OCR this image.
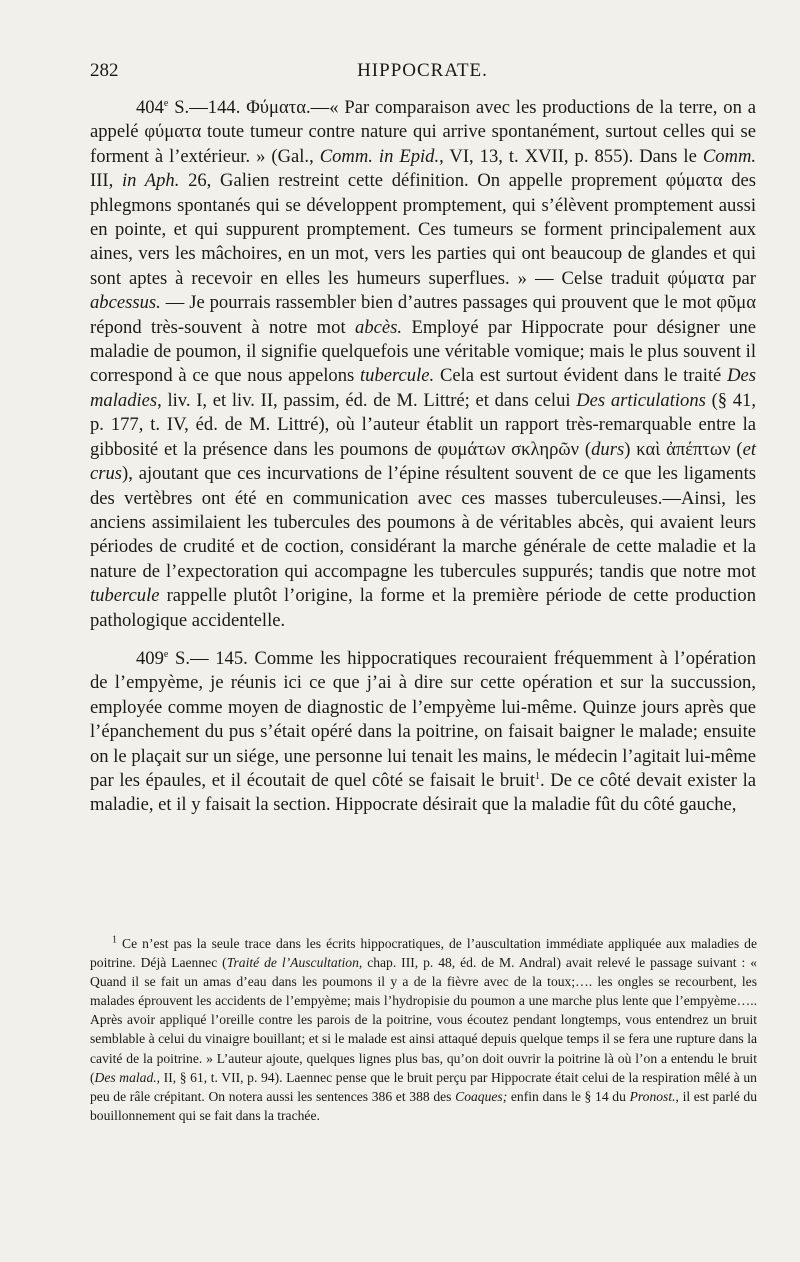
282	HIPPOCRATE.

404e S.—144. Φύματα.—« Par comparaison avec les productions de la terre, on a appelé φύματα toute tumeur contre nature qui arrive spontanément, surtout celles qui se forment à l’extérieur. » (Gal., Comm. in Epid., VI, 13, t. XVII, p. 855). Dans le Comm. III, in Aph. 26, Galien restreint cette définition. On appelle proprement φύματα des phlegmons spontanés qui se développent promptement, qui s’élèvent promptement aussi en pointe, et qui suppurent promptement. Ces tumeurs se forment principalement aux aines, vers les mâchoires, en un mot, vers les parties qui ont beaucoup de glandes et qui sont aptes à recevoir en elles les humeurs superflues. » — Celse traduit φύματα par abcessus. — Je pourrais rassembler bien d’autres passages qui prouvent que le mot φῦμα répond très-souvent à notre mot abcès. Employé par Hippocrate pour désigner une maladie de poumon, il signifie quelquefois une véritable vomique; mais le plus souvent il correspond à ce que nous appelons tubercule. Cela est surtout évident dans le traité Des maladies, liv. I, et liv. II, passim, éd. de M. Littré; et dans celui Des articulations (§ 41, p. 177, t. IV, éd. de M. Littré), où l’auteur établit un rapport très-remarquable entre la gibbosité et la présence dans les poumons de φυμάτων σκληρῶν (durs) καὶ ἀπέπτων (et crus), ajoutant que ces incurvations de l’épine résultent souvent de ce que les ligaments des vertèbres ont été en communication avec ces masses tuberculeuses.—Ainsi, les anciens assimilaient les tubercules des poumons à de véritables abcès, qui avaient leurs périodes de crudité et de coction, considérant la marche générale de cette maladie et la nature de l’expectoration qui accompagne les tubercules suppurés; tandis que notre mot tubercule rappelle plutôt l’origine, la forme et la première période de cette production pathologique accidentelle.

409e S.— 145. Comme les hippocratiques recouraient fréquemment à l’opération de l’empyème, je réunis ici ce que j’ai à dire sur cette opération et sur la succussion, employée comme moyen de diagnostic de l’empyème lui-même. Quinze jours après que l’épanchement du pus s’était opéré dans la poitrine, on faisait baigner le malade; ensuite on le plaçait sur un siége, une personne lui tenait les mains, le médecin l’agitait lui-même par les épaules, et il écoutait de quel côté se faisait le bruit$^1$. De ce côté devait exister la maladie, et il y faisait la section. Hippocrate désirait que la maladie fût du côté gauche,

$^1$ Ce n’est pas la seule trace dans les écrits hippocratiques, de l’auscultation immédiate appliquée aux maladies de poitrine. Déjà Laennec (Traité de l’Auscultation, chap. III, p. 48, éd. de M. Andral) avait relevé le passage suivant : « Quand il se fait un amas d’eau dans les poumons il y a de la fièvre avec de la toux;…. les ongles se recourbent, les malades éprouvent les accidents de l’empyème; mais l’hydropisie du poumon a une marche plus lente que l’empyème….. Après avoir appliqué l’oreille contre les parois de la poitrine, vous écoutez pendant longtemps, vous entendrez un bruit semblable à celui du vinaigre bouillant; et si le malade est ainsi attaqué depuis quelque temps il se fera une rupture dans la cavité de la poitrine. » L’auteur ajoute, quelques lignes plus bas, qu’on doit ouvrir la poitrine là où l’on a entendu le bruit (Des malad., II, § 61, t. VII, p. 94). Laennec pense que le bruit perçu par Hippocrate était celui de la respiration mêlé à un peu de râle crépitant. On notera aussi les sentences 386 et 388 des Coaques; enfin dans le § 14 du Pronost., il est parlé du bouillonnement qui se fait dans la trachée.
